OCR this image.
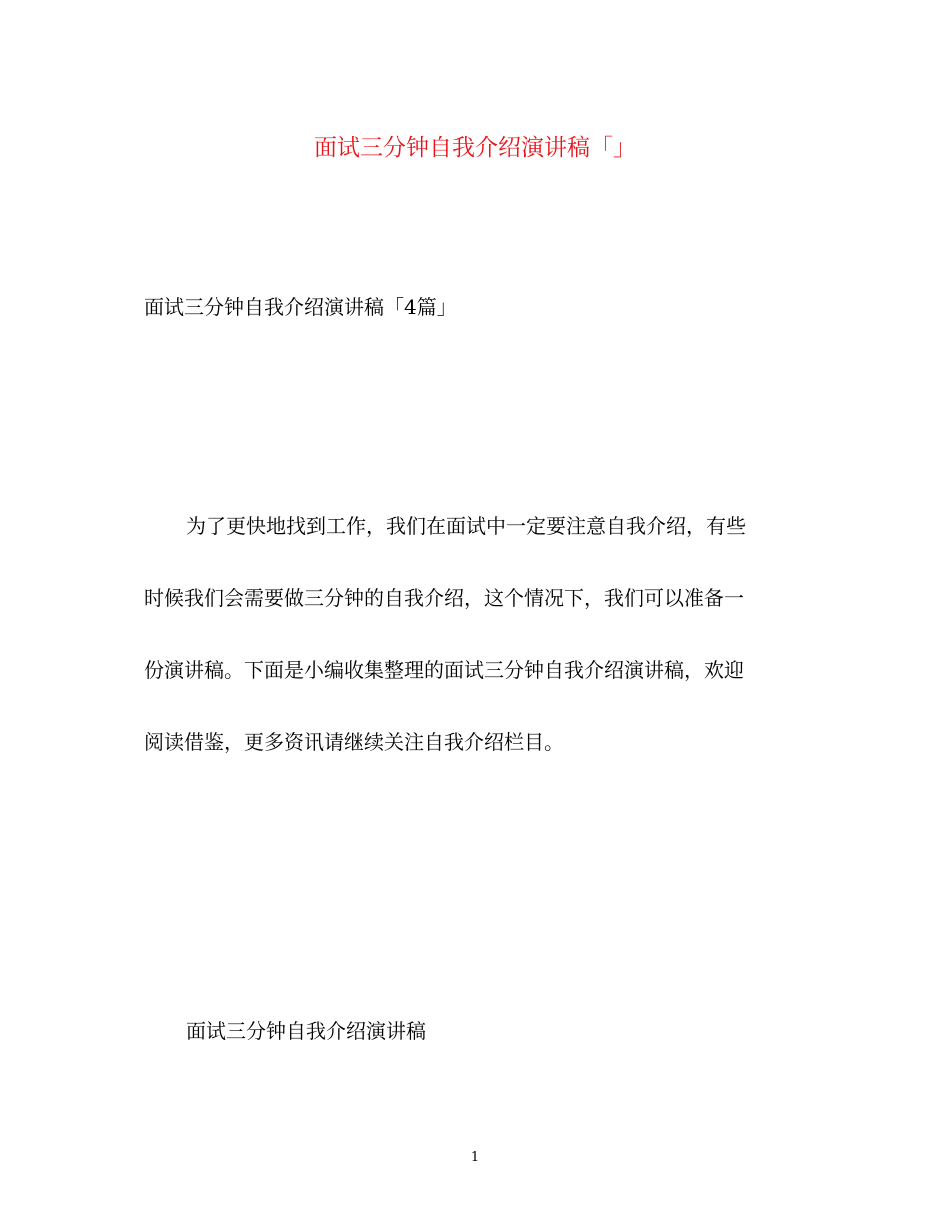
面试三分钟自我介绍演讲稿「」

面试三分钟自我介绍演讲稿「4篇」

为了更快地找到工作，我们在面试中一定要注意自我介绍，有些
时候我们会需要做三分钟的自我介绍，这个情况下，我们可以准备一
份演讲稿。下面是小编收集整理的面试三分钟自我介绍演讲稿，欢迎
阅读借鉴，更多资讯请继续关注自我介绍栏目。

面试三分钟自我介绍演讲稿

1
